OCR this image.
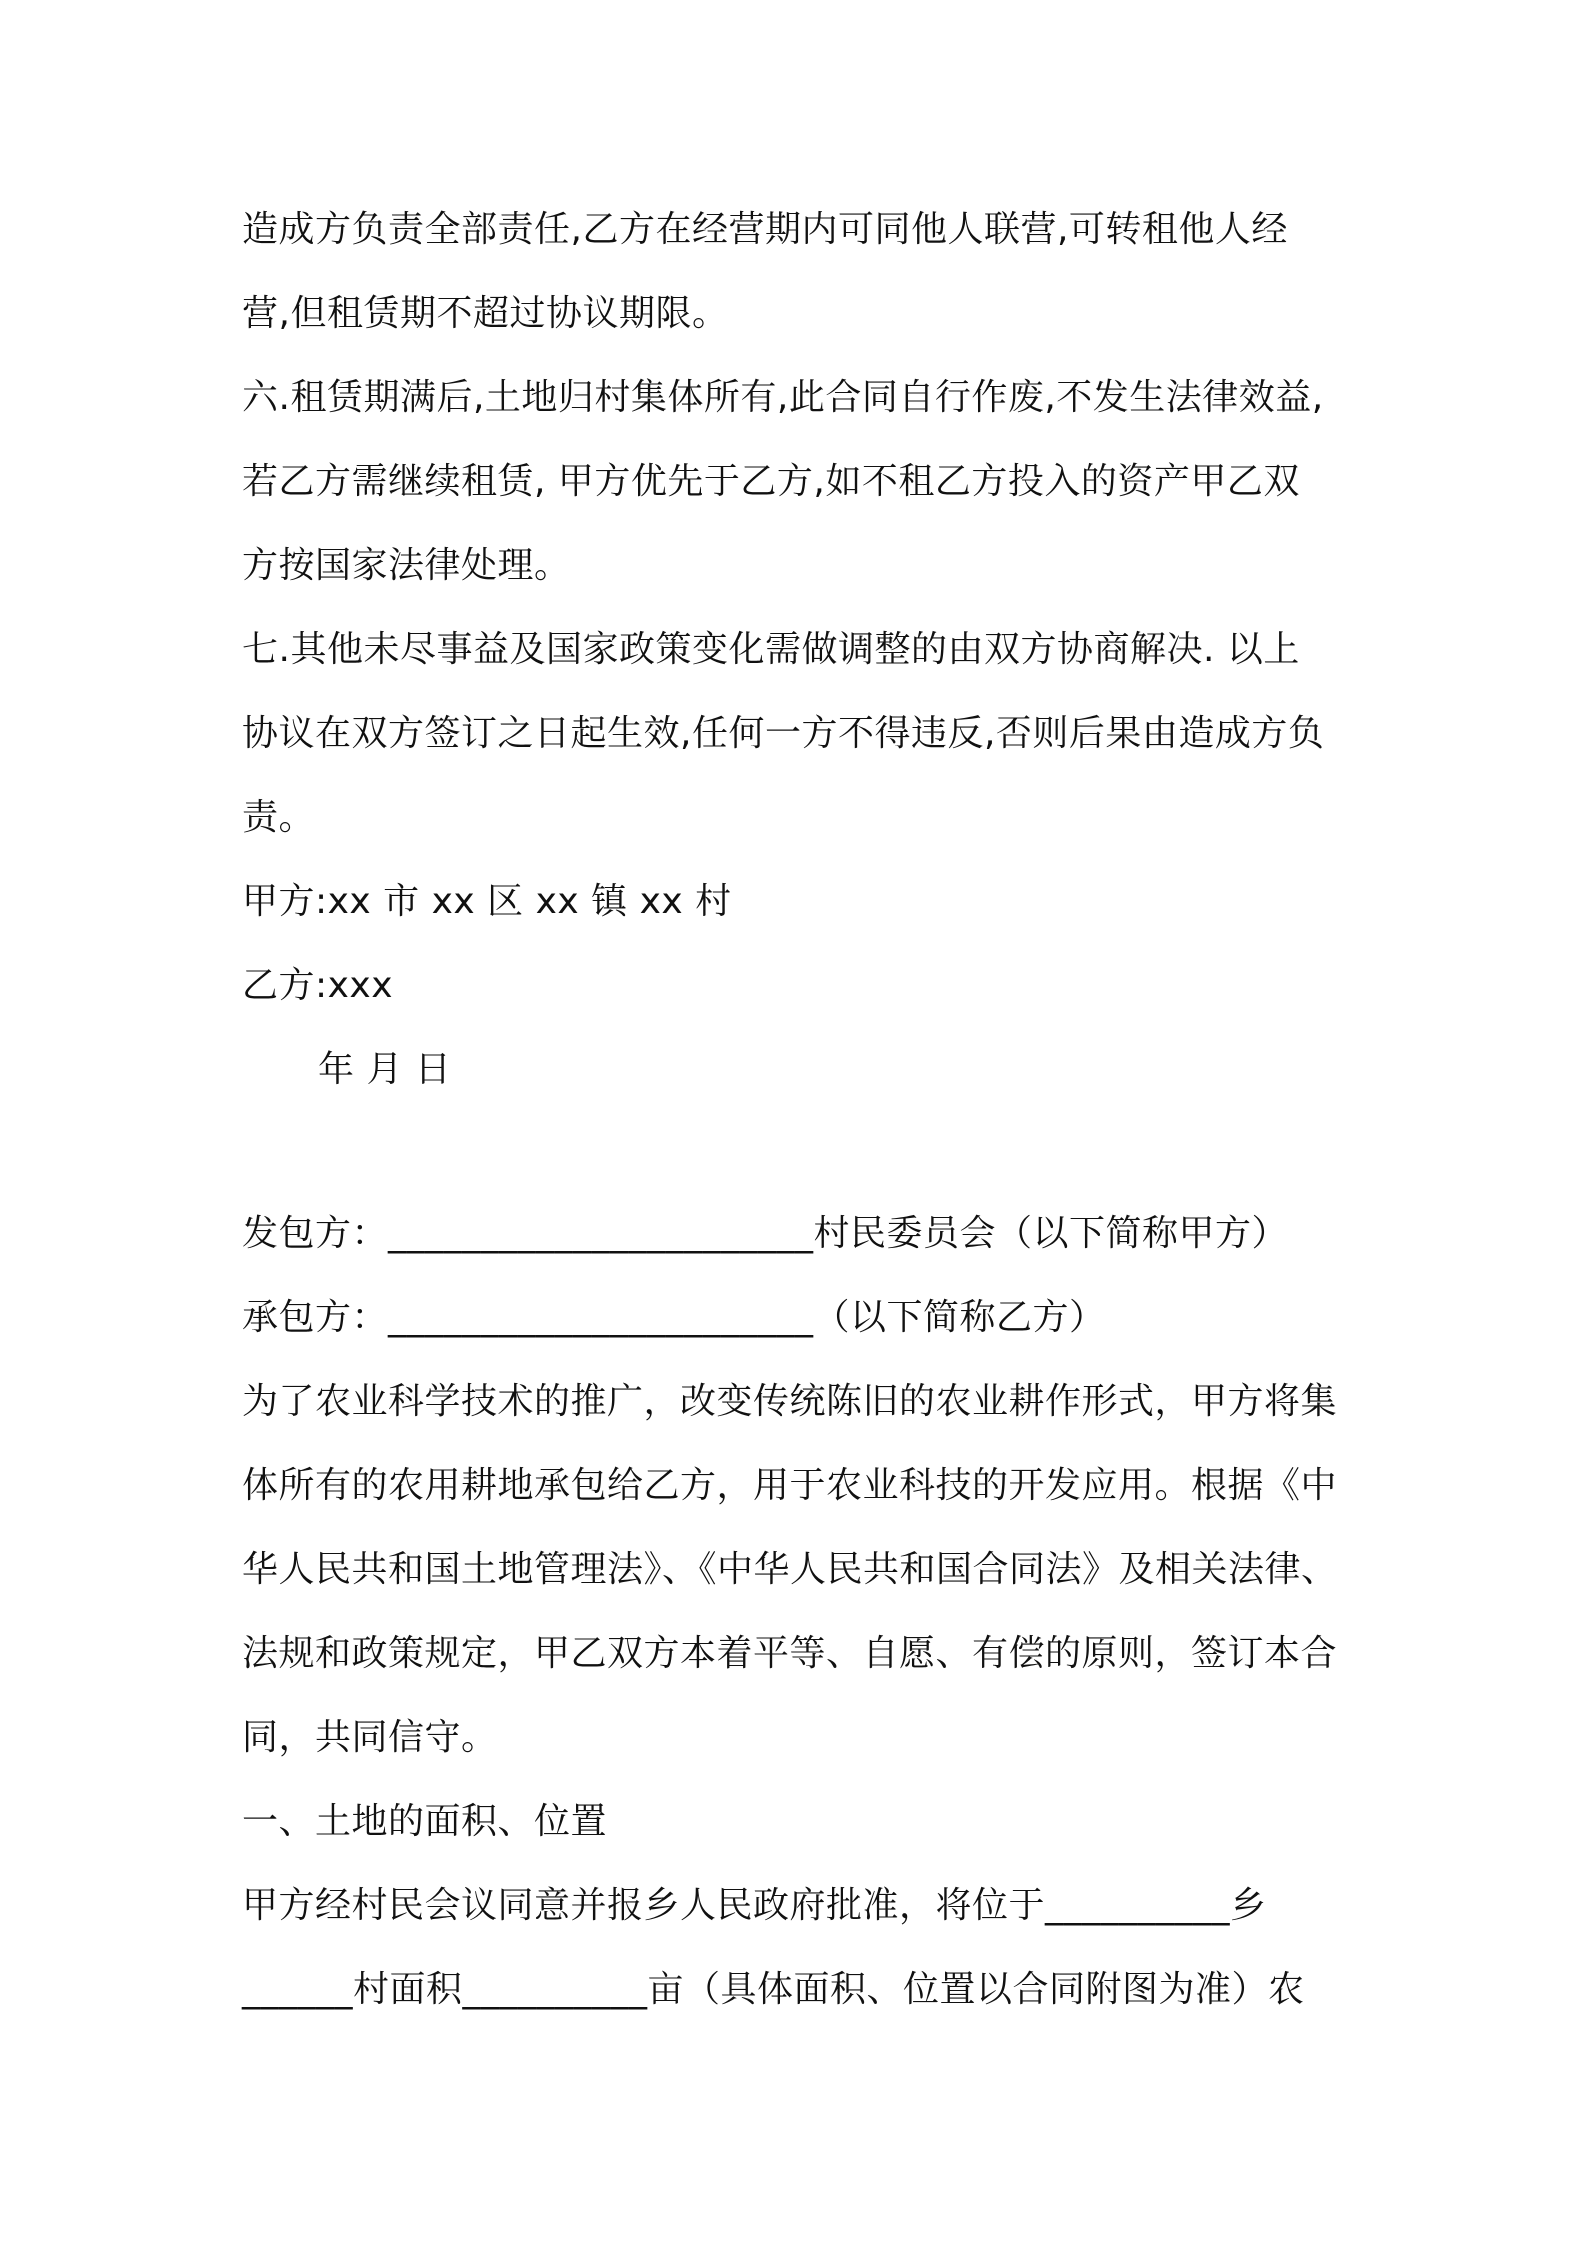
造成方负责全部责任,乙方在经营期内可同他人联营,可转租他人经
营,但租赁期不超过协议期限。
六.租赁期满后,土地归村集体所有,此合同自行作废,不发生法律效益,
若乙方需继续租赁, 甲方优先于乙方,如不租乙方投入的资产甲乙双
方按国家法律处理。
七.其他未尽事益及国家政策变化需做调整的由双方协商解决. 以上
协议在双方签订之日起生效,任何一方不得违反,否则后果由造成方负
责。
甲方:xx 市 xx 区 xx 镇 xx 村
乙方:xxx
年 月 日
发包方：_______________________村民委员会（以下简称甲方）
承包方：_______________________（以下简称乙方）
为了农业科学技术的推广，改变传统陈旧的农业耕作形式，甲方将集
体所有的农用耕地承包给乙方，用于农业科技的开发应用。根据《中
华人民共和国土地管理法》、《中华人民共和国合同法》及相关法律、
法规和政策规定，甲乙双方本着平等、自愿、有偿的原则，签订本合
同，共同信守。
一、土地的面积、位置
甲方经村民会议同意并报乡人民政府批准，将位于__________乡
______村面积__________亩（具体面积、位置以合同附图为准）农
